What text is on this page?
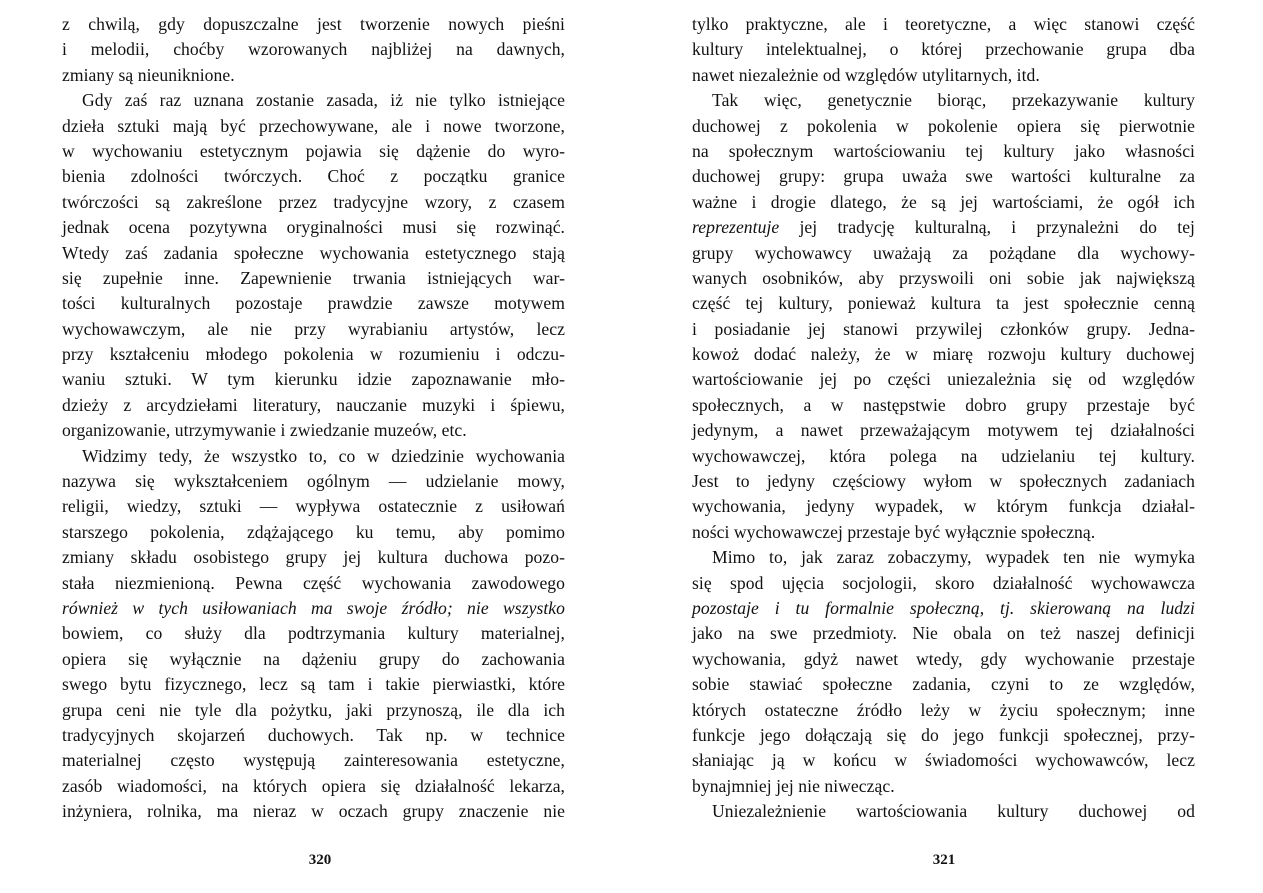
z chwilą, gdy dopuszczalne jest tworzenie nowych pieśni
i melodii, choćby wzorowanych najbliżej na dawnych,
zmiany są nieuniknione.
Gdy zaś raz uznana zostanie zasada, iż nie tylko istniejące
dzieła sztuki mają być przechowywane, ale i nowe tworzone,
w wychowaniu estetycznym pojawia się dążenie do wyro-
bienia zdolności twórczych. Choć z początku granice
twórczości są zakreślone przez tradycyjne wzory, z czasem
jednak ocena pozytywna oryginalności musi się rozwinąć.
Wtedy zaś zadania społeczne wychowania estetycznego stają
się zupełnie inne. Zapewnienie trwania istniejących war-
tości kulturalnych pozostaje prawdzie zawsze motywem
wychowawczym, ale nie przy wyrabianiu artystów, lecz
przy kształceniu młodego pokolenia w rozumieniu i odczu-
waniu sztuki. W tym kierunku idzie zapoznawanie mło-
dzieży z arcydziełami literatury, nauczanie muzyki i śpiewu,
organizowanie, utrzymywanie i zwiedzanie muzeów, etc.
Widzimy tedy, że wszystko to, co w dziedzinie wychowania
nazywa się wykształceniem ogólnym — udzielanie mowy,
religii, wiedzy, sztuki — wypływa ostatecznie z usiłowań
starszego pokolenia, zdążającego ku temu, aby pomimo
zmiany składu osobistego grupy jej kultura duchowa pozo-
stała niezmienioną. Pewna część wychowania zawodowego
również w tych usiłowaniach ma swoje źródło; nie wszystko
bowiem, co służy dla podtrzymania kultury materialnej,
opiera się wyłącznie na dążeniu grupy do zachowania
swego bytu fizycznego, lecz są tam i takie pierwiastki, które
grupa ceni nie tyle dla pożytku, jaki przynoszą, ile dla ich
tradycyjnych skojarzeń duchowych. Tak np. w technice
materialnej często występują zainteresowania estetyczne,
zasób wiadomości, na których opiera się działalność lekarza,
inżyniera, rolnika, ma nieraz w oczach grupy znaczenie nie
tylko praktyczne, ale i teoretyczne, a więc stanowi część
kultury intelektualnej, o której przechowanie grupa dba
nawet niezależnie od względów utylitarnych, itd.
Tak więc, genetycznie biorąc, przekazywanie kultury
duchowej z pokolenia w pokolenie opiera się pierwotnie
na społecznym wartościowaniu tej kultury jako własności
duchowej grupy: grupa uważa swe wartości kulturalne za
ważne i drogie dlatego, że są jej wartościami, że ogół ich
reprezentuje jej tradycję kulturalną, i przynależni do tej
grupy wychowawcy uważają za pożądane dla wychowy-
wanych osobników, aby przyswoili oni sobie jak największą
część tej kultury, ponieważ kultura ta jest społecznie cenną
i posiadanie jej stanowi przywilej członków grupy. Jedna-
kowoż dodać należy, że w miarę rozwoju kultury duchowej
wartościowanie jej po części uniezależnia się od względów
społecznych, a w następstwie dobro grupy przestaje być
jedynym, a nawet przeważającym motywem tej działalności
wychowawczej, która polega na udzielaniu tej kultury.
Jest to jedyny częściowy wyłom w społecznych zadaniach
wychowania, jedyny wypadek, w którym funkcja działal-
ności wychowawczej przestaje być wyłącznie społeczną.
Mimo to, jak zaraz zobaczymy, wypadek ten nie wymyka
się spod ujęcia socjologii, skoro działalność wychowawcza
pozostaje i tu formalnie społeczną, tj. skierowaną na ludzi
jako na swe przedmioty. Nie obala on też naszej definicji
wychowania, gdyż nawet wtedy, gdy wychowanie przestaje
sobie stawiać społeczne zadania, czyni to ze względów,
których ostateczne źródło leży w życiu społecznym; inne
funkcje jego dołączają się do jego funkcji społecznej, przy-
słaniając ją w końcu w świadomości wychowawców, lecz
bynajmniej jej nie niwecząc.
Uniezależnienie wartościowania kultury duchowej od
320	321
